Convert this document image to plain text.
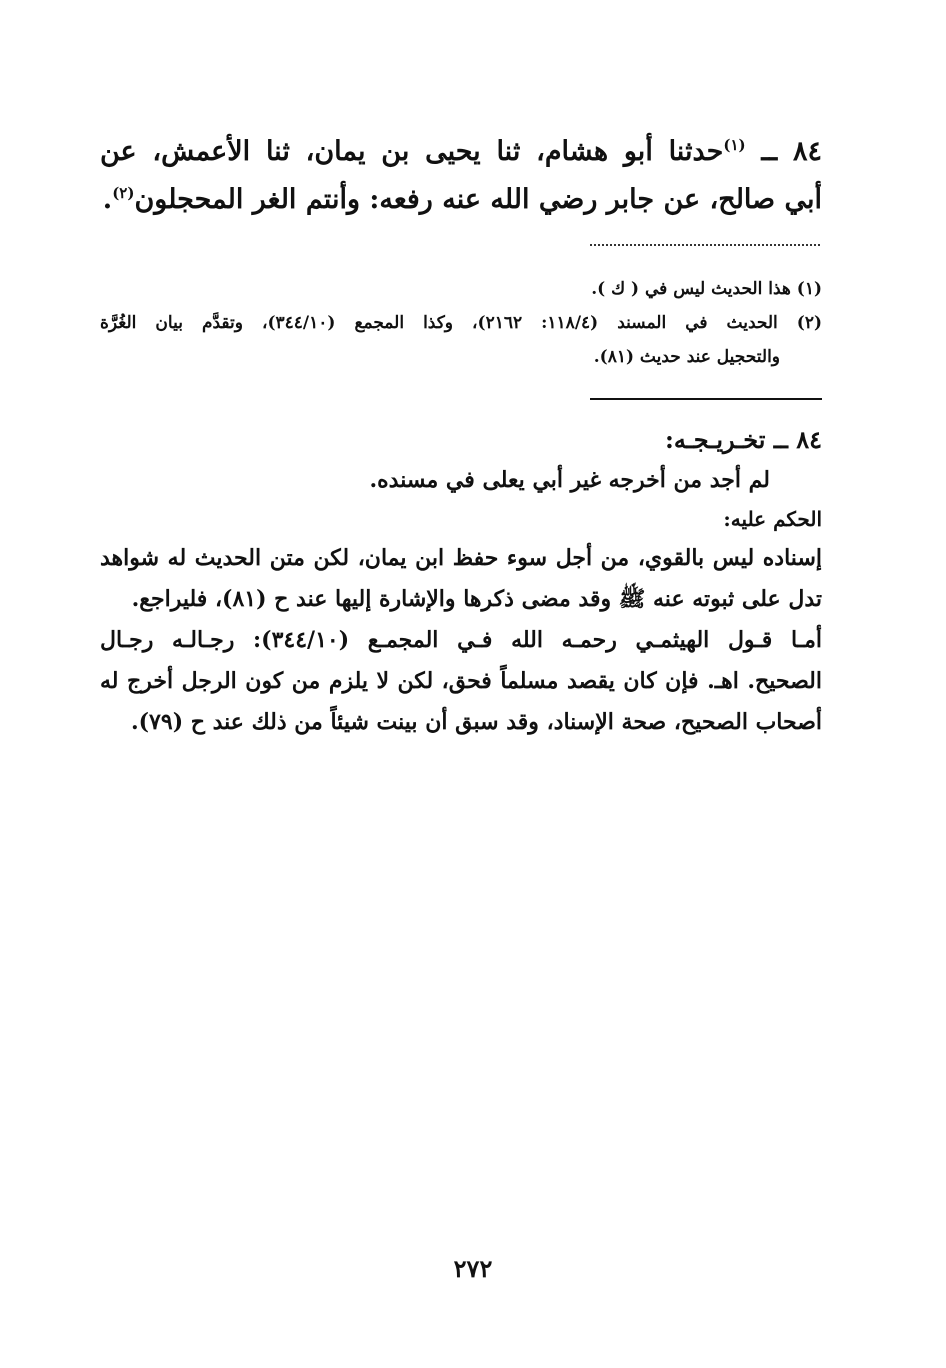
٨٤ ــ $^{(١)}$حدثنا أبو هشام، ثنا يحيى بن يمان، ثنا الأعمش، عن
أبي صالح، عن جابر رضي الله عنه رفعه: وأنتم الغر المحجلون$^{(٢)}$.
(١) هذا الحديث ليس في ( ك ).
(٢) الحديث في المسند (١١٨/٤: ٢١٦٢)، وكذا المجمع (٣٤٤/١٠)، وتقدَّم بيان الغُرَّة
والتحجيل عند حديث (٨١).
٨٤ ــ تخـريـجـه:
لم أجد من أخرجه غير أبي يعلى في مسنده.
الحكم عليه:
إسناده ليس بالقوي، من أجل سوء حفظ ابن يمان، لكن متن الحديث له شواهد
تدل على ثبوته عنه ﷺ وقد مضى ذكرها والإشارة إليها عند ح (٨١)، فليراجع.
أمـا قـول الهيثمـي رحمـه الله فـي المجمـع (٣٤٤/١٠): رجـالـه رجـال
الصحيح. اهـ. فإن كان يقصد مسلماً فحق، لكن لا يلزم من كون الرجل أخرج له
أصحاب الصحيح، صحة الإسناد، وقد سبق أن بينت شيئاً من ذلك عند ح (٧٩).
٢٧٢
